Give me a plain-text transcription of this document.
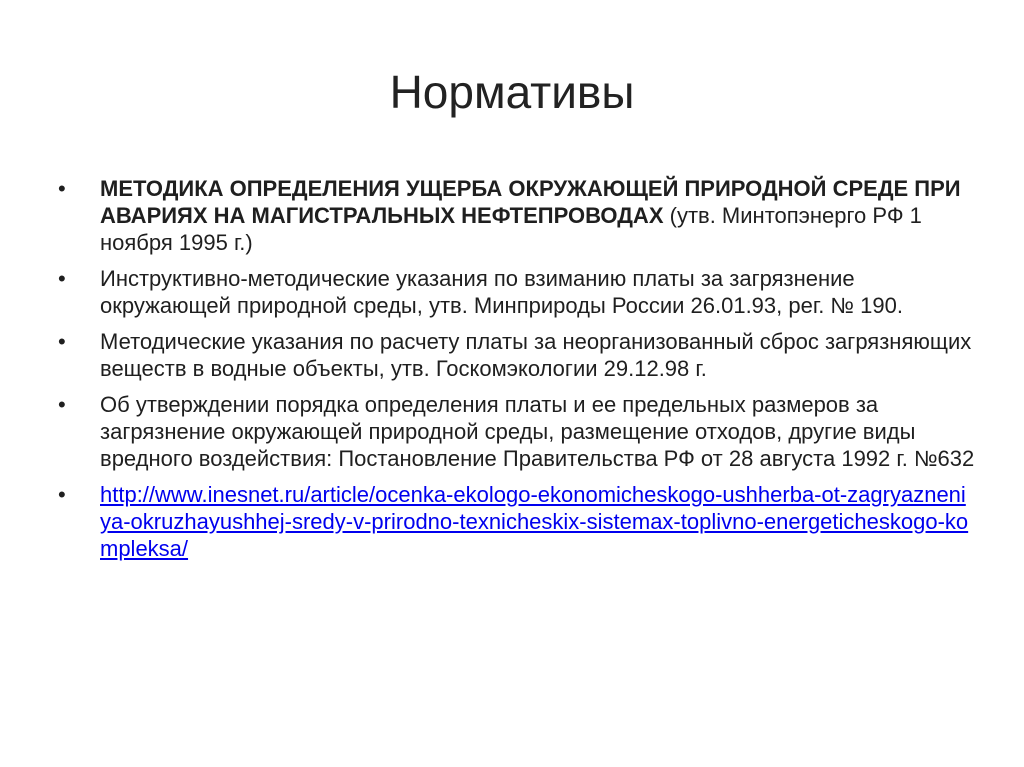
Нормативы
• МЕТОДИКА ОПРЕДЕЛЕНИЯ УЩЕРБА ОКРУЖАЮЩЕЙ ПРИРОДНОЙ СРЕДЕ ПРИ АВАРИЯХ НА МАГИСТРАЛЬНЫХ НЕФТЕПРОВОДАХ (утв. Минтопэнерго РФ 1 ноября 1995 г.)
• Инструктивно-методические указания по взиманию платы за загрязнение окружающей природной среды, утв. Минприроды России 26.01.93, рег. № 190.
• Методические указания по расчету платы за неорганизованный сброс загрязняющих веществ в водные объекты, утв. Госкомэкологии 29.12.98 г.
• Об утверждении порядка определения платы и ее предельных размеров за загрязнение окружающей природной среды, размещение отходов, другие виды вредного воздействия: Постановление Правительства РФ от 28 августа 1992 г. №632
• http://www.inesnet.ru/article/ocenka-ekologo-ekonomicheskogo-ushherba-ot-zagryazneniya-okruzhayushhej-sredy-v-prirodno-texnicheskix-sistemax-toplivno-energeticheskogo-kompleksa/
